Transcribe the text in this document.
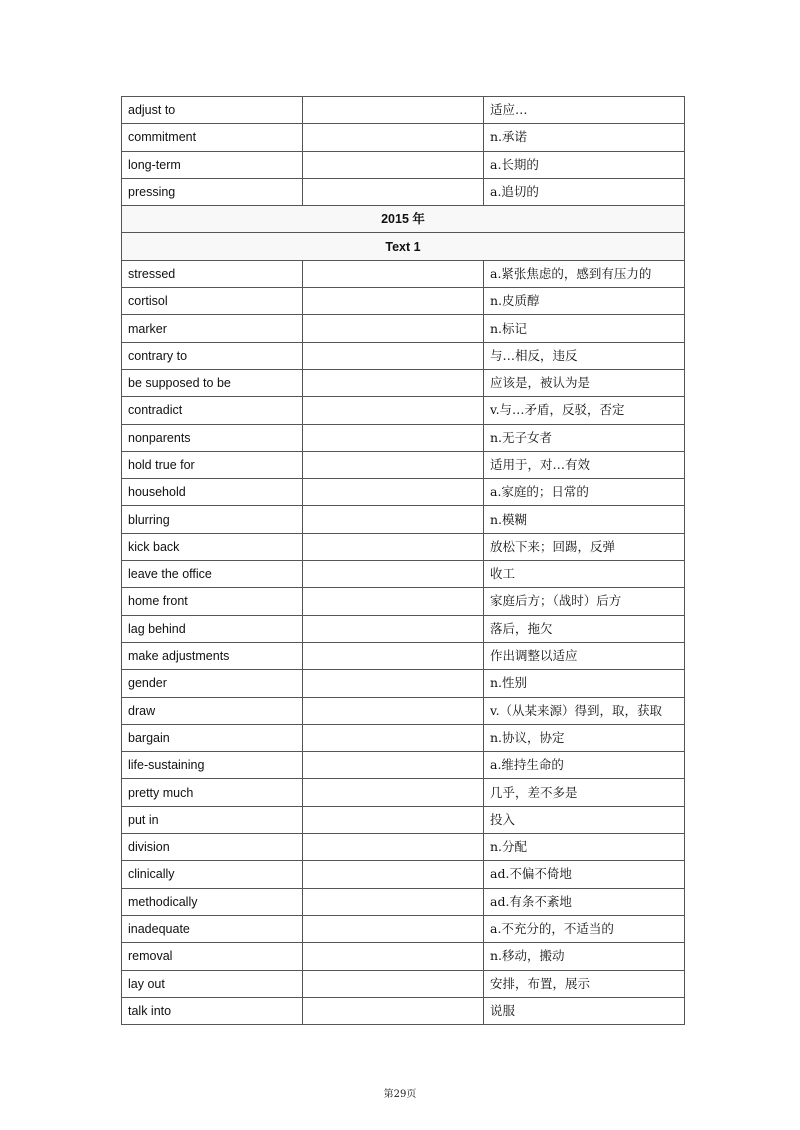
adjust to		适应…
commitment		n.承诺
long-term		a.长期的
pressing		a.追切的
2015 年		
Text 1		
stressed		a.紧张焦虑的，感到有压力的
cortisol		n.皮质醇
marker		n.标记
contrary to		与…相反，违反
be supposed to be		应该是，被认为是
contradict		v.与…矛盾，反驳，否定
nonparents		n.无子女者
hold true for		适用于，对…有效
household		a.家庭的；日常的
blurring		n.模糊
kick back		放松下来；回踢，反弹
leave the office		收工
home front		家庭后方；（战时）后方
lag behind		落后，拖欠
make adjustments		作出调整以适应
gender		n.性别
draw		v.（从某来源）得到，取，获取
bargain		n.协议，协定
life-sustaining		a.维持生命的
pretty much		几乎，差不多是
put in		投入
division		n.分配
clinically		ad.不偏不倚地
methodically		ad.有条不紊地
inadequate		a.不充分的，不适当的
removal		n.移动，搬动
lay out		安排，布置，展示
talk into		说服
第29页
